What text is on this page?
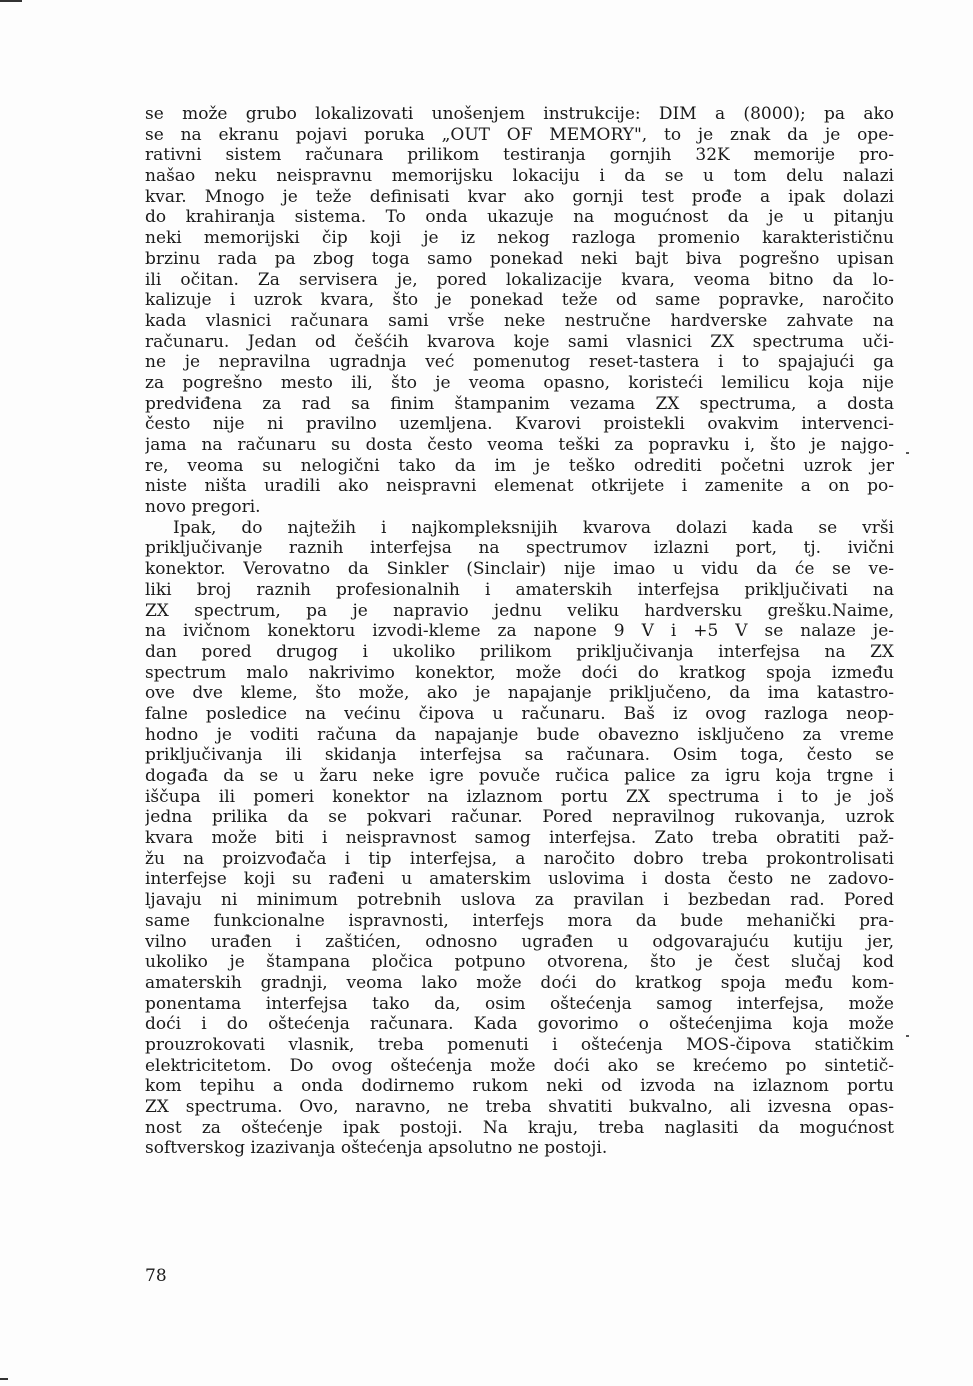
se može grubo lokalizovati unošenjem instrukcije: DIM a (8000); pa ako
se na ekranu pojavi poruka „OUT OF MEMORY", to je znak da je ope-
rativni sistem računara prilikom testiranja gornjih 32K memorije pro-
našao neku neispravnu memorijsku lokaciju i da se u tom delu nalazi
kvar. Mnogo je teže definisati kvar ako gornji test prođe a ipak dolazi
do krahiranja sistema. To onda ukazuje na mogućnost da je u pitanju
neki memorijski čip koji je iz nekog razloga promenio karakterističnu
brzinu rada pa zbog toga samo ponekad neki bajt biva pogrešno upisan
ili očitan. Za servisera je, pored lokalizacije kvara, veoma bitno da lo-
kalizuje i uzrok kvara, što je ponekad teže od same popravke, naročito
kada vlasnici računara sami vrše neke nestručne hardverske zahvate na
računaru. Jedan od češćih kvarova koje sami vlasnici ZX spectruma uči-
ne je nepravilna ugradnja već pomenutog reset-tastera i to spajajući ga
za pogrešno mesto ili, što je veoma opasno, koristeći lemilicu koja nije
predviđena za rad sa finim štampanim vezama ZX spectruma, a dosta
često nije ni pravilno uzemljena. Kvarovi proistekli ovakvim intervenci-
jama na računaru su dosta često veoma teški za popravku i, što je najgo-
re, veoma su nelogični tako da im je teško odrediti početni uzrok jer
niste ništa uradili ako neispravni elemenat otkrijete i zamenite a on po-
novo pregori.
Ipak, do najtežih i najkompleksnijih kvarova dolazi kada se vrši
priključivanje raznih interfejsa na spectrumov izlazni port, tj. ivični
konektor. Verovatno da Sinkler (Sinclair) nije imao u vidu da će se ve-
liki broj raznih profesionalnih i amaterskih interfejsa priključivati na
ZX spectrum, pa je napravio jednu veliku hardversku grešku.Naime,
na ivičnom konektoru izvodi-kleme za napone 9 V i +5 V se nalaze je-
dan pored drugog i ukoliko prilikom priključivanja interfejsa na ZX
spectrum malo nakrivimo konektor, može doći do kratkog spoja između
ove dve kleme, što može, ako je napajanje priključeno, da ima katastro-
falne posledice na većinu čipova u računaru. Baš iz ovog razloga neop-
hodno je voditi računa da napajanje bude obavezno isključeno za vreme
priključivanja ili skidanja interfejsa sa računara. Osim toga, često se
događa da se u žaru neke igre povuče ručica palice za igru koja trgne i
iščupa ili pomeri konektor na izlaznom portu ZX spectruma i to je još
jedna prilika da se pokvari računar. Pored nepravilnog rukovanja, uzrok
kvara može biti i neispravnost samog interfejsa. Zato treba obratiti paž-
žu na proizvođača i tip interfejsa, a naročito dobro treba prokontrolisati
interfejse koji su rađeni u amaterskim uslovima i dosta često ne zadovo-
ljavaju ni minimum potrebnih uslova za pravilan i bezbedan rad. Pored
same funkcionalne ispravnosti, interfejs mora da bude mehanički pra-
vilno urađen i zaštićen, odnosno ugrađen u odgovarajuću kutiju jer,
ukoliko je štampana pločica potpuno otvorena, što je čest slučaj kod
amaterskih gradnji, veoma lako može doći do kratkog spoja među kom-
ponentama interfejsa tako da, osim oštećenja samog interfejsa, može
doći i do oštećenja računara. Kada govorimo o oštećenjima koja može
prouzrokovati vlasnik, treba pomenuti i oštećenja MOS-čipova statičkim
elektricitetom. Do ovog oštećenja može doći ako se krećemo po sintetič-
kom tepihu a onda dodirnemo rukom neki od izvoda na izlaznom portu
ZX spectruma. Ovo, naravno, ne treba shvatiti bukvalno, ali izvesna opas-
nost za oštećenje ipak postoji. Na kraju, treba naglasiti da mogućnost
softverskog izazivanja oštećenja apsolutno ne postoji.
78
